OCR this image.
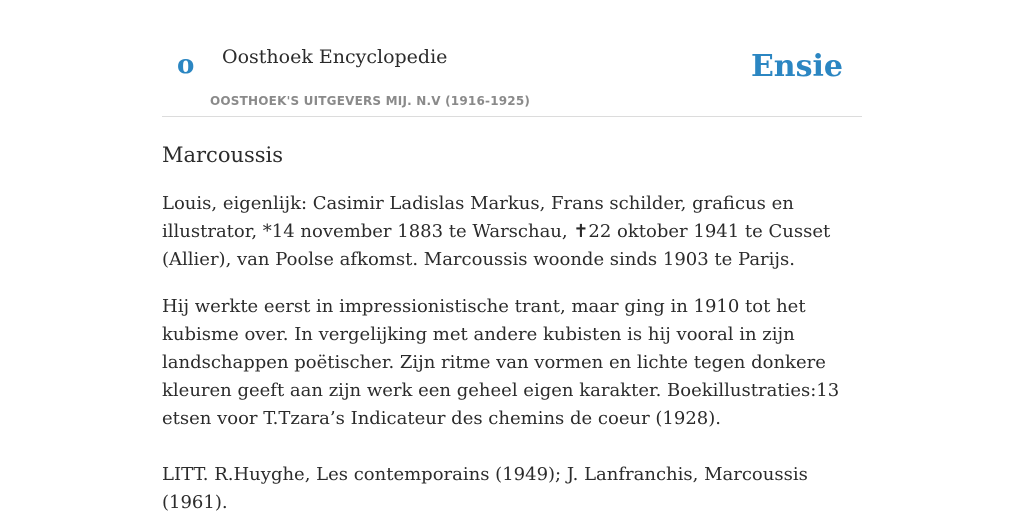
o Oosthoek Encyclopedie
OOSTHOEK'S UITGEVERS MIJ. N.V (1916-1925)
Ensie
Marcoussis

Louis, eigenlijk: Casimir Ladislas Markus, Frans schilder, graficus en illustrator, *14 november 1883 te Warschau, ✝22 oktober 1941 te Cusset (Allier), van Poolse afkomst. Marcoussis woonde sinds 1903 te Parijs.

Hij werkte eerst in impressionistische trant, maar ging in 1910 tot het kubisme over. In vergelijking met andere kubisten is hij vooral in zijn landschappen poëtischer. Zijn ritme van vormen en lichte tegen donkere kleuren geeft aan zijn werk een geheel eigen karakter. Boekillustraties:13 etsen voor T.Tzara’s Indicateur des chemins de coeur (1928).

LITT. R.Huyghe, Les contemporains (1949); J. Lanfranchis, Marcoussis (1961).
